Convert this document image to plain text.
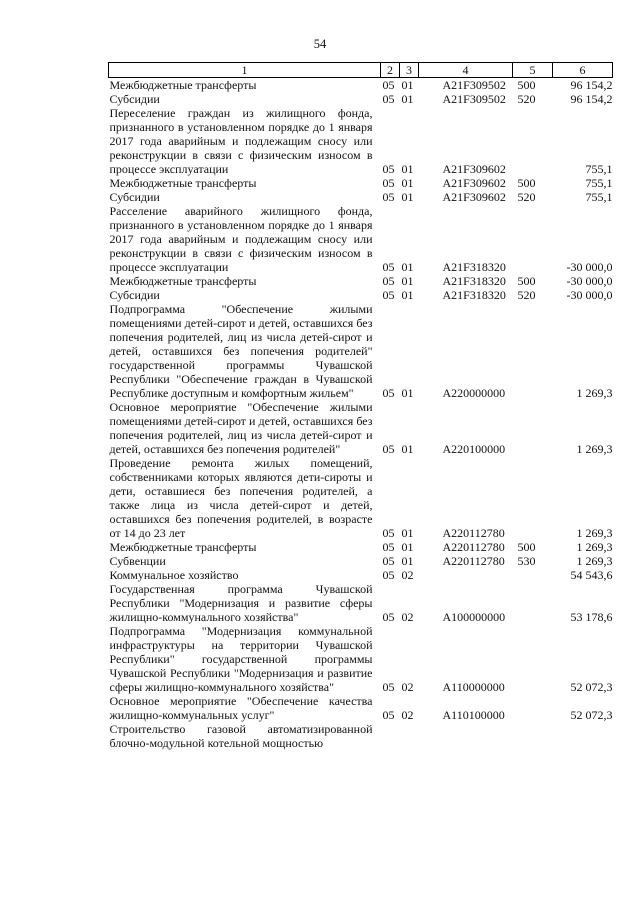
54
1	2	3	4	5	6
Межбюджетные трансферты	05	01	A21F309502	500	96 154,2
Субсидии	05	01	A21F309502	520	96 154,2
Переселение граждан из жилищного фонда, признанного в установленном порядке до 1 января 2017 года аварийным и подлежащим сносу или реконструкции в связи с физическим износом в процессе эксплуатации	05	01	A21F309602		755,1
Межбюджетные трансферты	05	01	A21F309602	500	755,1
Субсидии	05	01	A21F309602	520	755,1
Расселение аварийного жилищного фонда, признанного в установленном порядке до 1 января 2017 года аварийным и подлежащим сносу или реконструкции в связи с физическим износом в процессе эксплуатации	05	01	A21F318320		-30 000,0
Межбюджетные трансферты	05	01	A21F318320	500	-30 000,0
Субсидии	05	01	A21F318320	520	-30 000,0
Подпрограмма "Обеспечение жилыми помещениями детей-сирот и детей, оставшихся без попечения родителей, лиц из числа детей-сирот и детей, оставшихся без попечения родителей" государственной программы Чувашской Республики "Обеспечение граждан в Чувашской Республике доступным и комфортным жильем"	05	01	A220000000		1 269,3
Основное мероприятие "Обеспечение жилыми помещениями детей-сирот и детей, оставшихся без попечения родителей, лиц из числа детей-сирот и детей, оставшихся без попечения родителей"	05	01	A220100000		1 269,3
Проведение ремонта жилых помещений, собственниками которых являются дети-сироты и дети, оставшиеся без попечения родителей, а также лица из числа детей-сирот и детей, оставшихся без попечения родителей, в возрасте от 14 до 23 лет	05	01	A220112780		1 269,3
Межбюджетные трансферты	05	01	A220112780	500	1 269,3
Субвенции	05	01	A220112780	530	1 269,3
Коммунальное хозяйство	05	02			54 543,6
Государственная программа Чувашской Республики "Модернизация и развитие сферы жилищно-коммунального хозяйства"	05	02	A100000000		53 178,6
Подпрограмма "Модернизация коммунальной инфраструктуры на территории Чувашской Республики" государственной программы Чувашской Республики "Модернизация и развитие сферы жилищно-коммунального хозяйства"	05	02	A110000000		52 072,3
Основное мероприятие "Обеспечение качества жилищно-коммунальных услуг"	05	02	A110100000		52 072,3
Строительство газовой автоматизированной блочно-модульной котельной мощностью					
